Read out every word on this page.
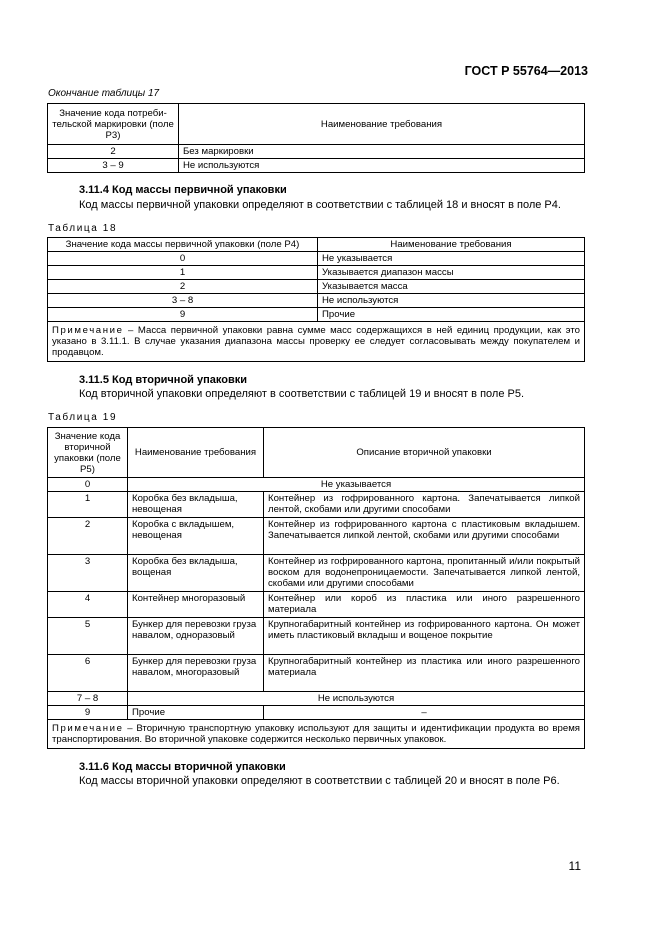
ГОСТ Р 55764—2013
Окончание таблицы 17
Значение кода потреби-тельской маркировки (поле P3)	Наименование требования
2	Без маркировки
3 – 9	Не используются
3.11.4 Код массы первичной упаковки
Код массы первичной упаковки определяют в соответствии с таблицей 18 и вносят в поле P4.
Таблица 18
Значение кода массы первичной упаковки (поле P4)	Наименование требования
0	Не указывается
1	Указывается диапазон массы
2	Указывается масса
3 – 8	Не используются
9	Прочие
Примечание – Масса первичной упаковки равна сумме масс содержащихся в ней единиц продукции, как это указано в 3.11.1. В случае указания диапазона массы проверку ее следует согласовывать между покупателем и продавцом.	
3.11.5 Код вторичной упаковки
Код вторичной упаковки определяют в соответствии с таблицей 19 и вносят в поле P5.
Таблица 19
Значение кода вторичной упаковки (поле P5)	Наименование требования	Описание вторичной упаковки
0	Не указывается	
1	Коробка без вкладыша, невощеная	Контейнер из гофрированного картона. Запечатывается липкой лентой, скобами или другими способами
2	Коробка с вкладышем, невощеная	Контейнер из гофрированного картона с пластиковым вкладышем. Запечатывается липкой лентой, скобами или другими способами
3	Коробка без вкладыша, вощеная	Контейнер из гофрированного картона, пропитанный и/или покрытый воском для водонепроницаемости. Запечатывается липкой лентой, скобами или другими способами
4	Контейнер многоразовый	Контейнер или короб из пластика или иного разрешенного материала
5	Бункер для перевозки груза навалом, одноразовый	Крупногабаритный контейнер из гофрированного картона. Он может иметь пластиковый вкладыш и вощеное покрытие
6	Бункер для перевозки груза навалом, многоразовый	Крупногабаритный контейнер из пластика или иного разрешенного материала
7 – 8	Не используются	
9	Прочие	–
Примечание – Вторичную транспортную упаковку используют для защиты и идентификации продукта во время транспортирования. Во вторичной упаковке содержится несколько первичных упаковок.		
3.11.6 Код массы вторичной упаковки
Код массы вторичной упаковки определяют в соответствии с таблицей 20 и вносят в поле P6.
11
